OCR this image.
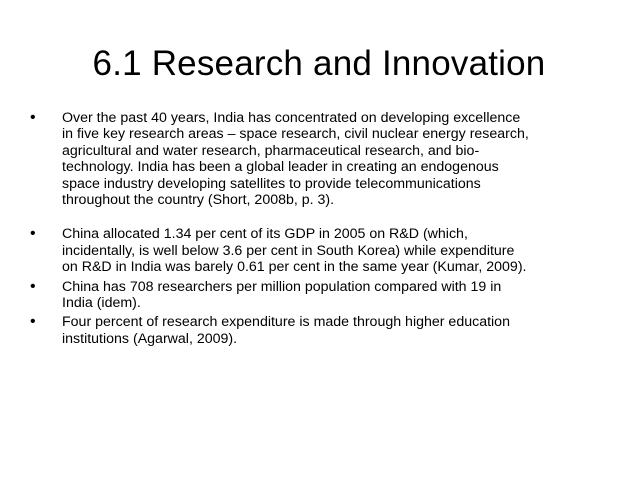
6.1 Research and Innovation
• Over the past 40 years, India has concentrated on developing excellence
in five key research areas – space research, civil nuclear energy research,
agricultural and water research, pharmaceutical research, and bio-
technology. India has been a global leader in creating an endogenous
space industry developing satellites to provide telecommunications
throughout the country (Short, 2008b, p. 3).
• China allocated 1.34 per cent of its GDP in 2005 on R&D (which,
incidentally, is well below 3.6 per cent in South Korea) while expenditure
on R&D in India was barely 0.61 per cent in the same year (Kumar, 2009).
• China has 708 researchers per million population compared with 19 in
India (idem).
• Four percent of research expenditure is made through higher education
institutions (Agarwal, 2009).
